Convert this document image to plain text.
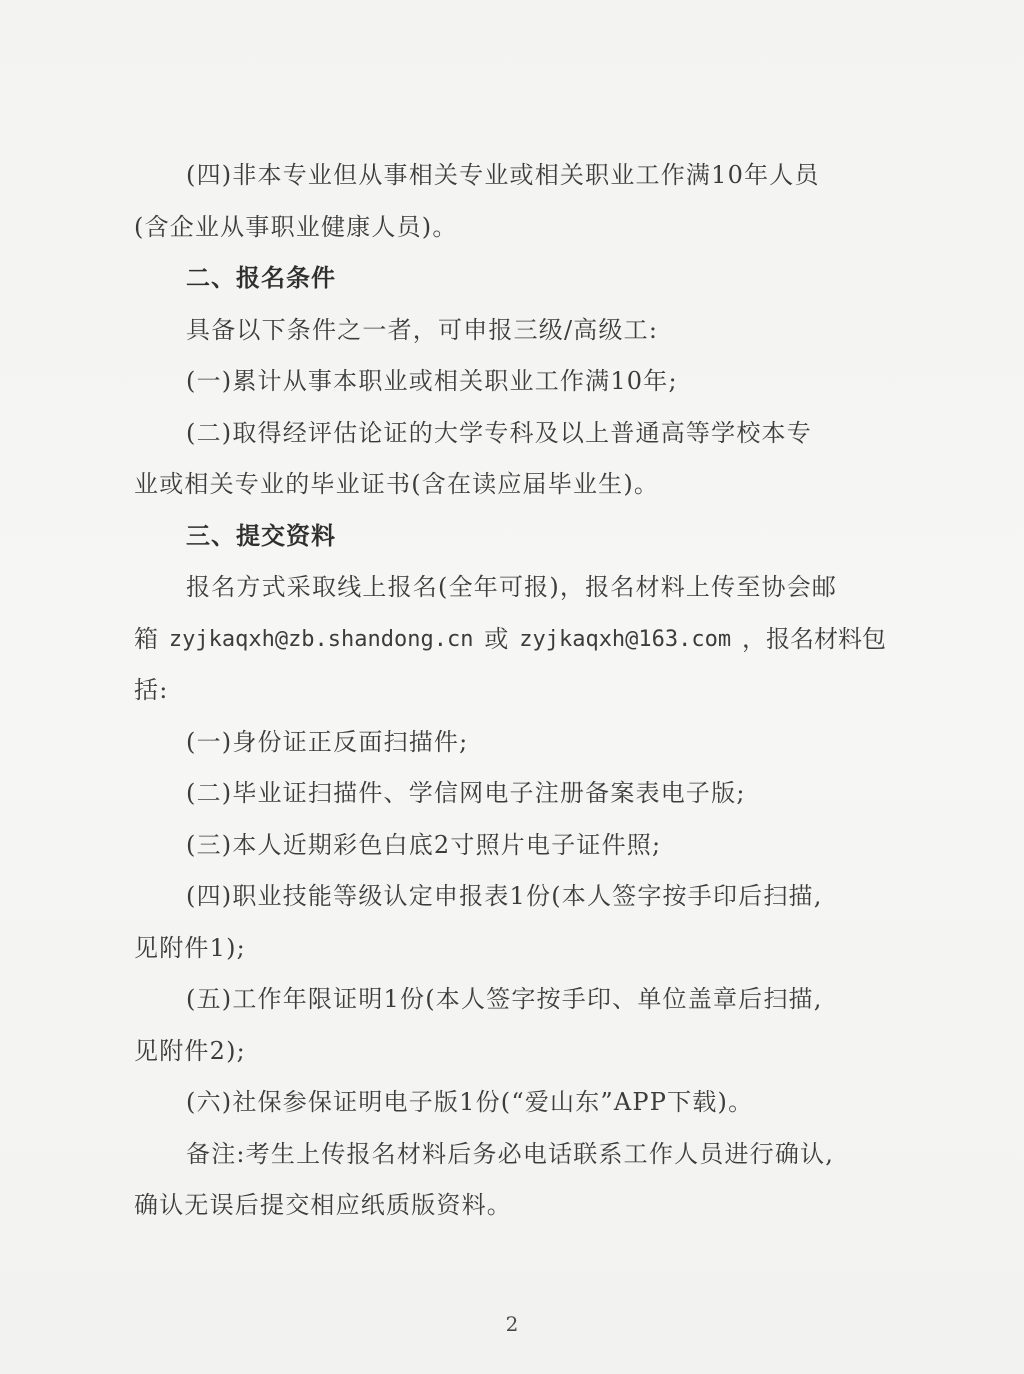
(四)非本专业但从事相关专业或相关职业工作满10年人员
(含企业从事职业健康人员)。
二、报名条件
具备以下条件之一者，可申报三级/高级工:
(一)累计从事本职业或相关职业工作满10年;
(二)取得经评估论证的大学专科及以上普通高等学校本专
业或相关专业的毕业证书(含在读应届毕业生)。
三、提交资料
报名方式采取线上报名(全年可报)，报名材料上传至协会邮
箱 zyjkaqxh@zb.shandong.cn 或 zyjkaqxh@163.com ，报名材料包
括:
(一)身份证正反面扫描件;
(二)毕业证扫描件、学信网电子注册备案表电子版;
(三)本人近期彩色白底2寸照片电子证件照;
(四)职业技能等级认定申报表1份(本人签字按手印后扫描,
见附件1);
(五)工作年限证明1份(本人签字按手印、单位盖章后扫描,
见附件2);
(六)社保参保证明电子版1份(“爱山东”APP下载)。
备注:考生上传报名材料后务必电话联系工作人员进行确认,
确认无误后提交相应纸质版资料。
2
